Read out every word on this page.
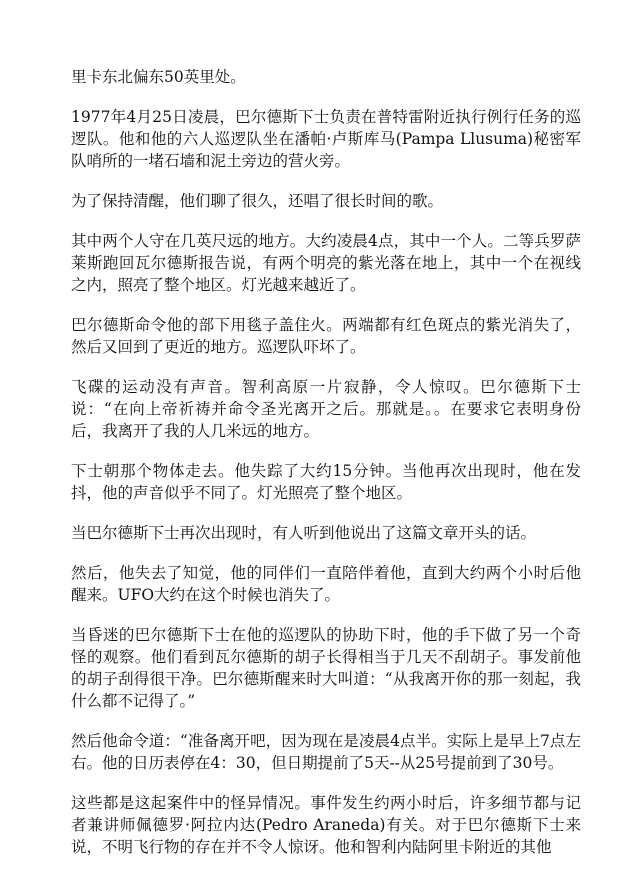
里卡东北偏东50英里处。

1977年4月25日凌晨，巴尔德斯下士负责在普特雷附近执行例行任务的巡逻队。他和他的六人巡逻队坐在潘帕·卢斯库马(Pampa Llusuma)秘密军队哨所的一堵石墙和泥土旁边的营火旁。

为了保持清醒，他们聊了很久，还唱了很长时间的歌。

其中两个人守在几英尺远的地方。大约凌晨4点，其中一个人。二等兵罗萨莱斯跑回瓦尔德斯报告说，有两个明亮的紫光落在地上，其中一个在视线之内，照亮了整个地区。灯光越来越近了。

巴尔德斯命令他的部下用毯子盖住火。两端都有红色斑点的紫光消失了，然后又回到了更近的地方。巡逻队吓坏了。

飞碟的运动没有声音。智利高原一片寂静，令人惊叹。巴尔德斯下士说：“在向上帝祈祷并命令圣光离开之后。那就是。。在要求它表明身份后，我离开了我的人几米远的地方。

下士朝那个物体走去。他失踪了大约15分钟。当他再次出现时，他在发抖，他的声音似乎不同了。灯光照亮了整个地区。

当巴尔德斯下士再次出现时，有人听到他说出了这篇文章开头的话。

然后，他失去了知觉，他的同伴们一直陪伴着他，直到大约两个小时后他醒来。UFO大约在这个时候也消失了。

当昏迷的巴尔德斯下士在他的巡逻队的协助下时，他的手下做了另一个奇怪的观察。他们看到瓦尔德斯的胡子长得相当于几天不刮胡子。事发前他的胡子刮得很干净。巴尔德斯醒来时大叫道：“从我离开你的那一刻起，我什么都不记得了。”

然后他命令道：“准备离开吧，因为现在是凌晨4点半。实际上是早上7点左右。他的日历表停在4：30，但日期提前了5天--从25号提前到了30号。

这些都是这起案件中的怪异情况。事件发生约两小时后，许多细节都与记者兼讲师佩德罗·阿拉内达(Pedro Araneda)有关。对于巴尔德斯下士来说，不明飞行物的存在并不令人惊讶。他和智利内陆阿里卡附近的其他
